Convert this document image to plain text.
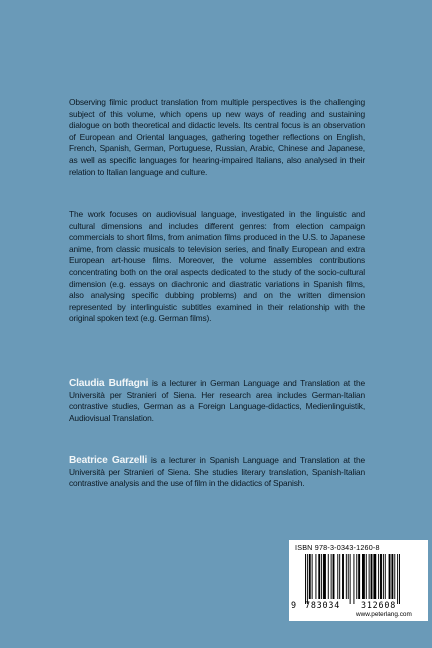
Observing filmic product translation from multiple perspectives is the challenging subject of this volume, which opens up new ways of reading and sustaining dialogue on both theoretical and didactic levels. Its central focus is an observation of European and Oriental languages, gathering together reflections on English, French, Spanish, German, Portuguese, Russian, Arabic, Chinese and Japanese, as well as specific languages for hearing-impaired Italians, also analysed in their relation to Italian language and culture.

The work focuses on audiovisual language, investigated in the linguistic and cultural dimensions and includes different genres: from election campaign commercials to short films, from animation films produced in the U.S. to Japanese anime, from classic musicals to television series, and finally European and extra European art-house films. Moreover, the volume assembles contributions concentrating both on the oral aspects dedicated to the study of the socio-cultural dimension (e.g. essays on diachronic and diastratic variations in Spanish films, also analysing specific dubbing problems) and on the written dimension represented by interlinguistic subtitles examined in their relationship with the original spoken text (e.g. German films).

Claudia Buffagni is a lecturer in German Language and Translation at the Università per Stranieri of Siena. Her research area includes German-Italian contrastive studies, German as a Foreign Language-didactics, Medienlinguistik, Audiovisual Translation.

Beatrice Garzelli is a lecturer in Spanish Language and Translation at the Università per Stranieri of Siena. She studies literary translation, Spanish-Italian contrastive analysis and the use of film in the didactics of Spanish.

ISBN 978-3-0343-1260-8
9 783034 312608
www.peterlang.com
